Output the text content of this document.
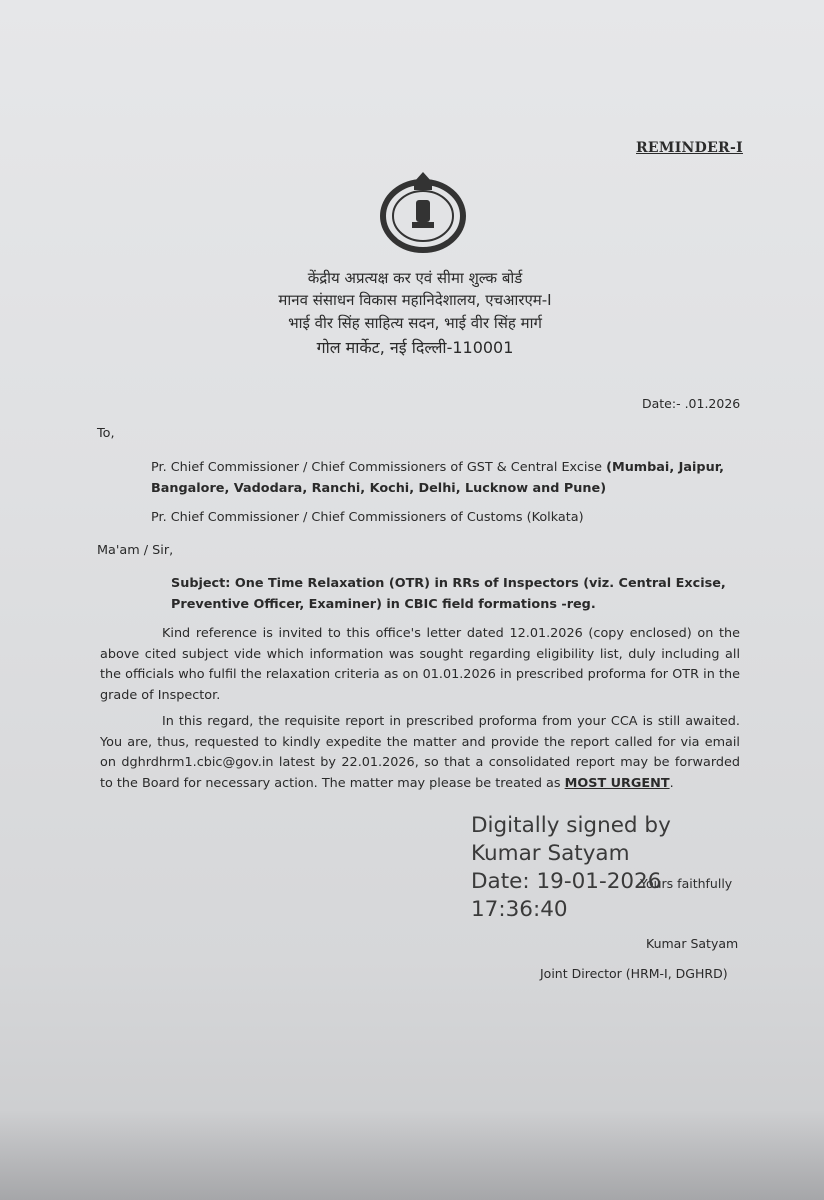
REMINDER-I
केंद्रीय अप्रत्यक्ष कर एवं सीमा शुल्क बोर्ड
मानव संसाधन विकास महानिदेशालय, एचआरएम-I
भाई वीर सिंह साहित्य सदन, भाई वीर सिंह मार्ग
गोल मार्केट, नई दिल्ली-110001
Date:- .01.2026
To,
Pr. Chief Commissioner / Chief Commissioners of GST & Central Excise (Mumbai, Jaipur, Bangalore, Vadodara, Ranchi, Kochi, Delhi, Lucknow and Pune)
Pr. Chief Commissioner / Chief Commissioners of Customs (Kolkata)
Ma'am / Sir,
Subject: One Time Relaxation (OTR) in RRs of Inspectors (viz. Central Excise, Preventive Officer, Examiner) in CBIC field formations -reg.
Kind reference is invited to this office's letter dated 12.01.2026 (copy enclosed) on the above cited subject vide which information was sought regarding eligibility list, duly including all the officials who fulfil the relaxation criteria as on 01.01.2026 in prescribed proforma for OTR in the grade of Inspector.
In this regard, the requisite report in prescribed proforma from your CCA is still awaited. You are, thus, requested to kindly expedite the matter and provide the report called for via email on dghrdhrm1.cbic@gov.in latest by 22.01.2026, so that a consolidated report may be forwarded to the Board for necessary action. The matter may please be treated as MOST URGENT.
Yours faithfully
Digitally signed by
Kumar Satyam
Date: 19-01-2026
17:36:40
Kumar Satyam
Joint Director (HRM-I, DGHRD)
